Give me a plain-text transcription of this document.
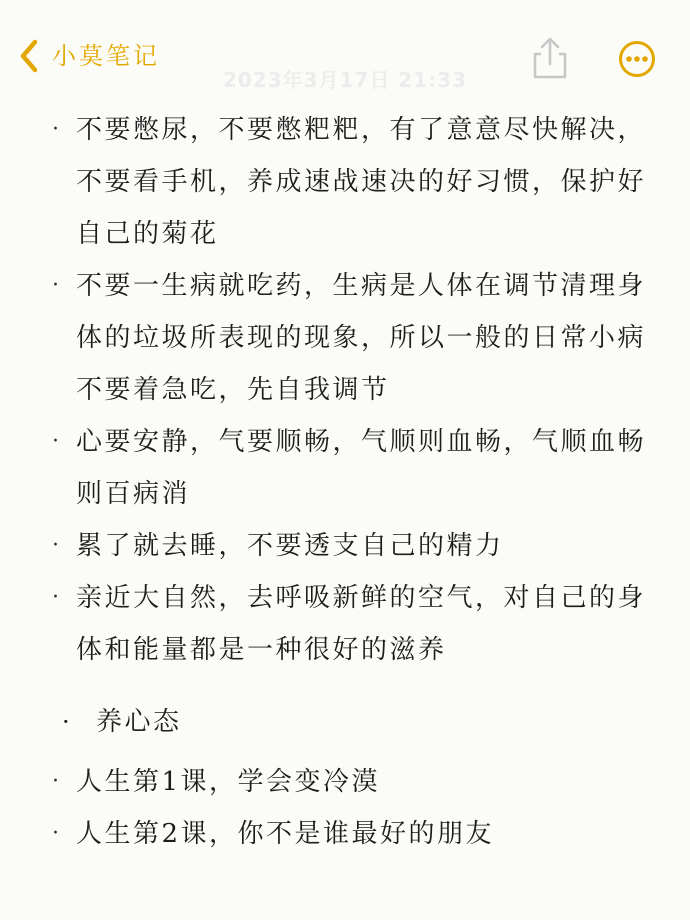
小莫笔记
2023年3月17日 21:33
· 不要憋尿，不要憋粑粑，有了意意尽快解决，不要看手机，养成速战速决的好习惯，保护好自己的菊花
· 不要一生病就吃药，生病是人体在调节清理身体的垃圾所表现的现象，所以一般的日常小病不要着急吃，先自我调节
· 心要安静，气要顺畅，气顺则血畅，气顺血畅则百病消
· 累了就去睡，不要透支自己的精力
· 亲近大自然，去呼吸新鲜的空气，对自己的身体和能量都是一种很好的滋养
· 养心态
· 人生第1课，学会变冷漠
· 人生第2课，你不是谁最好的朋友
